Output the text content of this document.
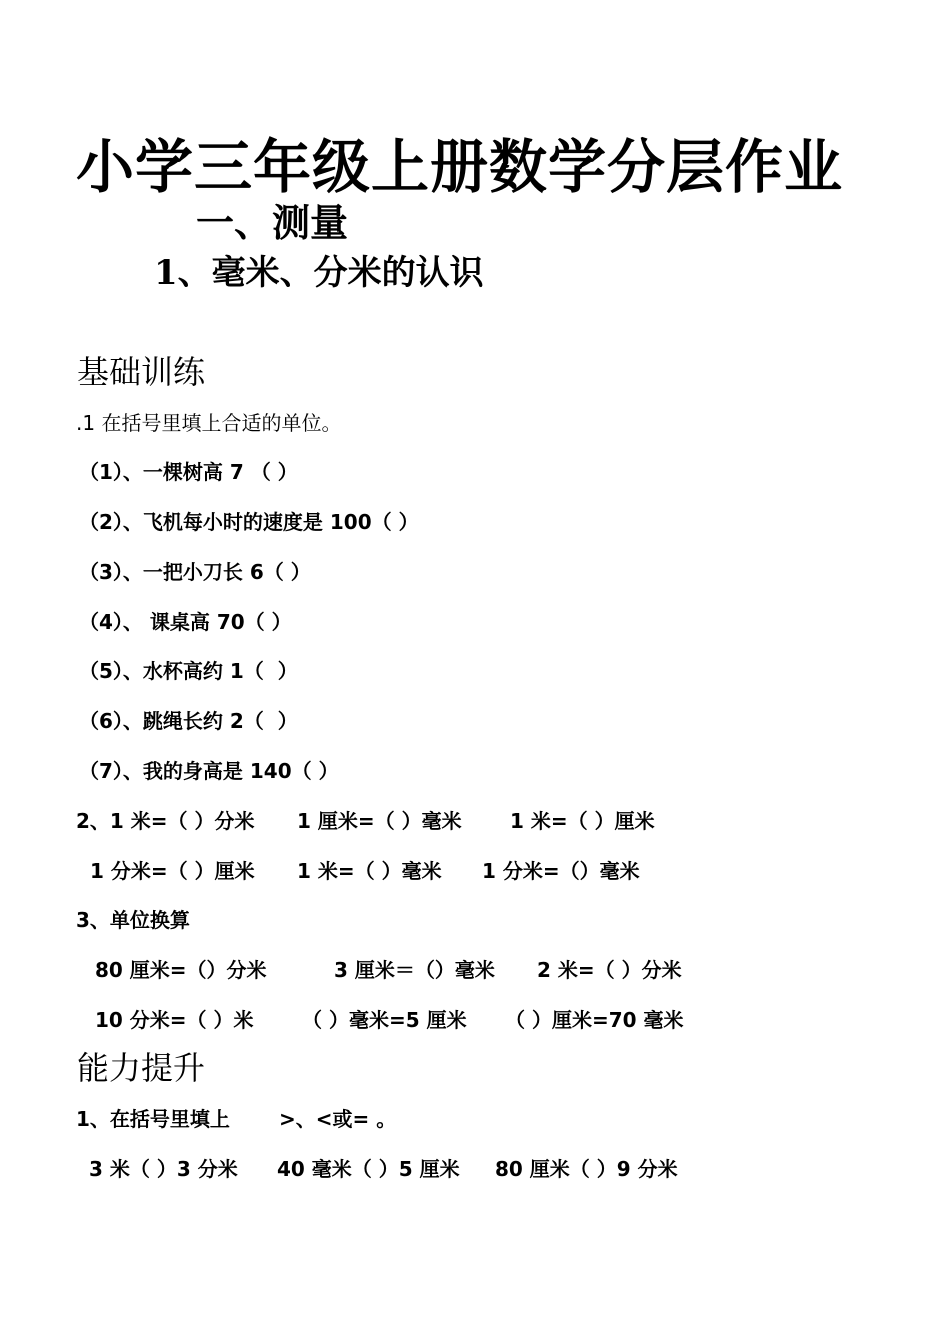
小学三年级上册数学分层作业
一、测量
1、毫米、分米的认识
基础训练
.1 在括号里填上合适的单位。
（1）、一棵树高 7 （ ）
（2）、飞机每小时的速度是 100（ ）
（3）、一把小刀长 6（ ）
（4）、 课桌高 70（ ）
（5）、水杯高约 1（  ）
（6）、跳绳长约 2（  ）
（7）、我的身高是 140（ ）
2、1 米=（ ）分米 1 厘米=（ ）毫米 1 米=（ ）厘米
1 分米=（ ）厘米 1 米=（ ）毫米 1 分米=（）毫米
3、单位换算
80 厘米=（）分米	3 厘米＝（）毫米 2 米=（ ）分米
10 分米=（ ）米 （ ）毫米=5 厘米 （ ）厘米=70 毫米
能力提升
1、在括号里填上 >、<或= 。
3 米（ ）3 分米 40 毫米（ ）5 厘米 80 厘米（ ）9 分米
